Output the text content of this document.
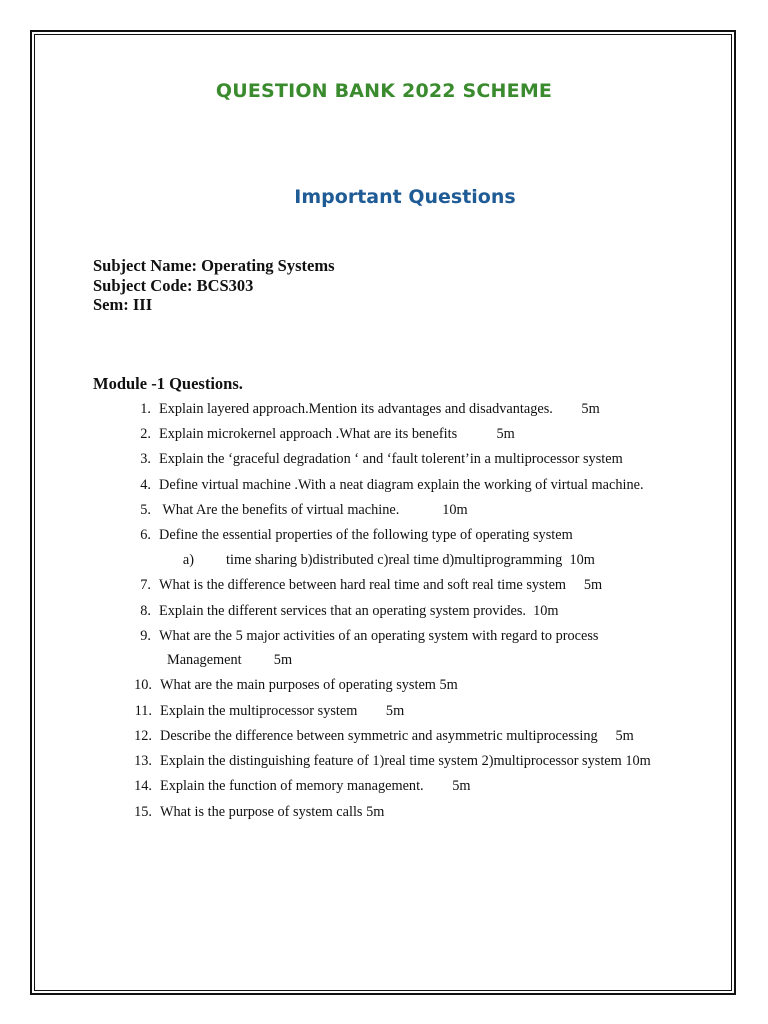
QUESTION BANK 2022 SCHEME
Important Questions
Subject Name: Operating Systems
Subject Code: BCS303
Sem: III
Module -1 Questions.
1. Explain layered approach.Mention its advantages and disadvantages.        5m
2. Explain microkernel approach .What are its benefits           5m
3. Explain the ‘graceful degradation ‘ and ‘fault tolerent’in a multiprocessor system
4. Define virtual machine .With a neat diagram explain the working of virtual machine.
5. What Are the benefits of virtual machine.            10m
6. Define the essential properties of the following type of operating system
a) time sharing b)distributed c)real time d)multiprogramming  10m
7. What is the difference between hard real time and soft real time system     5m
8. Explain the different services that an operating system provides.  10m
9. What are the 5 major activities of an operating system with regard to process
Management         5m
10. What are the main purposes of operating system 5m
11. Explain the multiprocessor system        5m
12. Describe the difference between symmetric and asymmetric multiprocessing     5m
13. Explain the distinguishing feature of 1)real time system 2)multiprocessor system 10m
14. Explain the function of memory management.        5m
15. What is the purpose of system calls 5m
